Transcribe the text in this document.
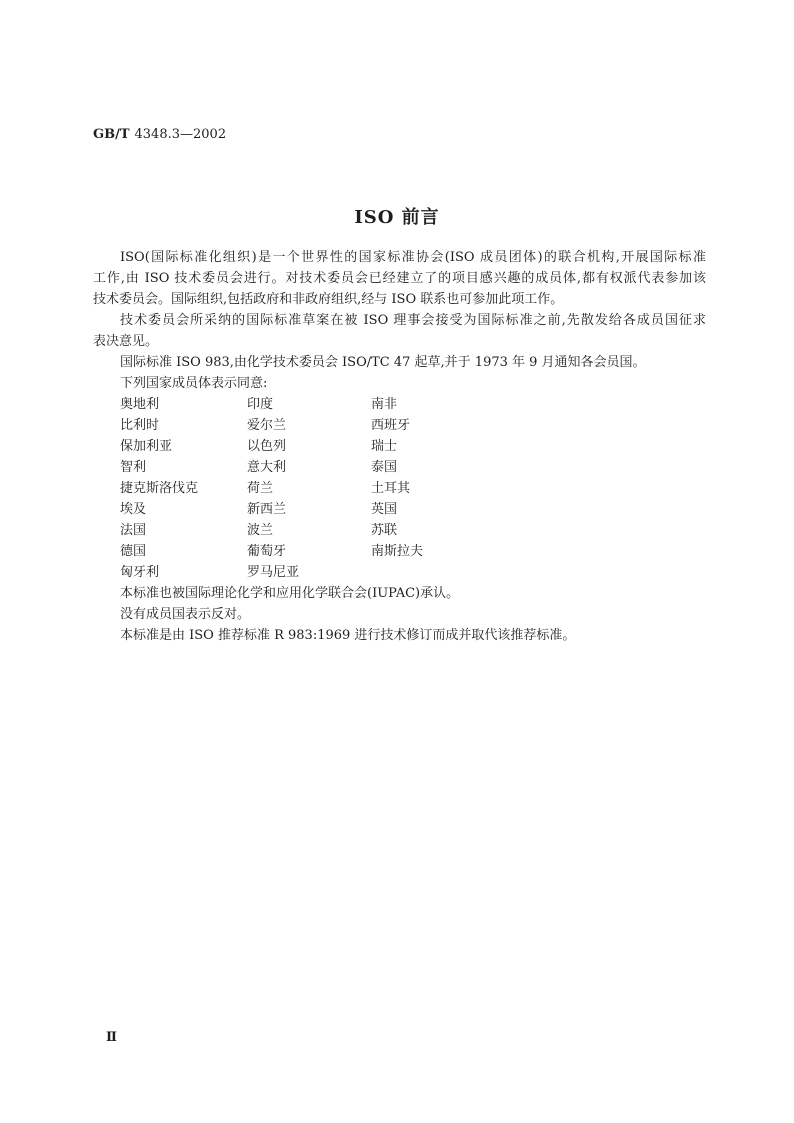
GB/T 4348.3—2002
ISO 前言
ISO(国际标准化组织)是一个世界性的国家标准协会(ISO 成员团体)的联合机构,开展国际标准
工作,由 ISO 技术委员会进行。对技术委员会已经建立了的项目感兴趣的成员体,都有权派代表参加该
技术委员会。国际组织,包括政府和非政府组织,经与 ISO 联系也可参加此项工作。
技术委员会所采纳的国际标准草案在被 ISO 理事会接受为国际标准之前,先散发给各成员国征求
表决意见。
国际标准 ISO 983,由化学技术委员会 ISO/TC 47 起草,并于 1973 年 9 月通知各会员国。
下列国家成员体表示同意:
奥地利	印度	南非
比利时	爱尔兰	西班牙
保加利亚	以色列	瑞士
智利	意大利	泰国
捷克斯洛伐克	荷兰	土耳其
埃及	新西兰	英国
法国	波兰	苏联
德国	葡萄牙	南斯拉夫
匈牙利	罗马尼亚
本标准也被国际理论化学和应用化学联合会(IUPAC)承认。
没有成员国表示反对。
本标准是由 ISO 推荐标准 R 983:1969 进行技术修订而成并取代该推荐标准。
Ⅱ
